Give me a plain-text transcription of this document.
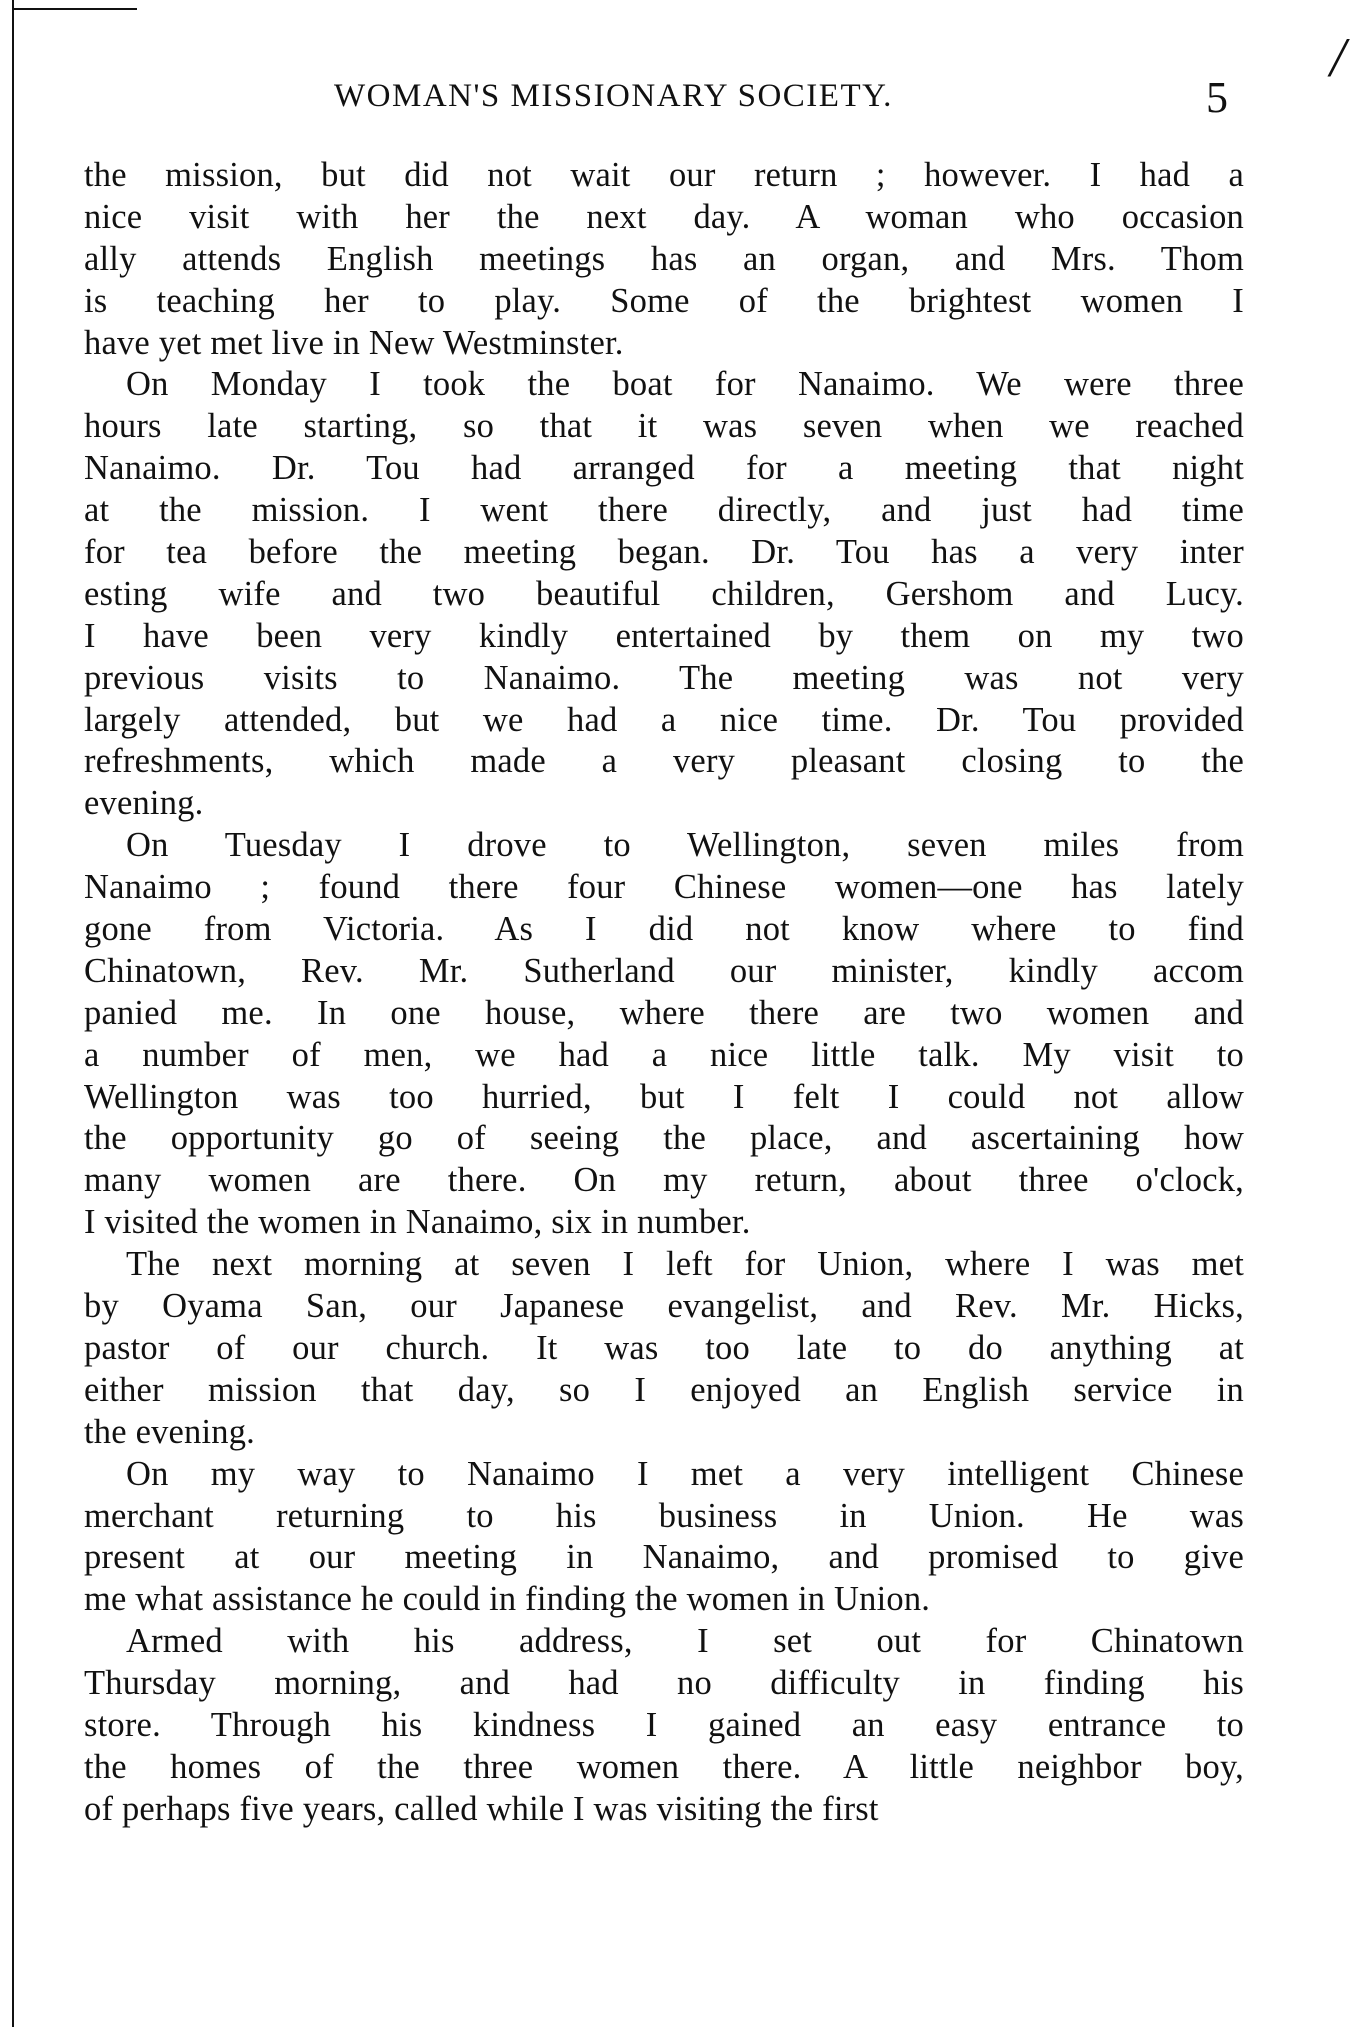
/
WOMAN'S MISSIONARY SOCIETY.	5
the mission, but did not wait our return ; however. I had a
nice visit with her the next day. A woman who occasion
ally attends English meetings has an organ, and Mrs. Thom
is teaching her to play. Some of the brightest women I
have yet met live in New Westminster.
On Monday I took the boat for Nanaimo. We were three
hours late starting, so that it was seven when we reached
Nanaimo. Dr. Tou had arranged for a meeting that night
at the mission. I went there directly, and just had time
for tea before the meeting began. Dr. Tou has a very inter
esting wife and two beautiful children, Gershom and Lucy.
I have been very kindly entertained by them on my two
previous visits to Nanaimo. The meeting was not very
largely attended, but we had a nice time. Dr. Tou provided
refreshments, which made a very pleasant closing to the
evening.
On Tuesday I drove to Wellington, seven miles from
Nanaimo ; found there four Chinese women—one has lately
gone from Victoria. As I did not know where to find
Chinatown, Rev. Mr. Sutherland our minister, kindly accom
panied me. In one house, where there are two women and
a number of men, we had a nice little talk. My visit to
Wellington was too hurried, but I felt I could not allow
the opportunity go of seeing the place, and ascertaining how
many women are there. On my return, about three o'clock,
I visited the women in Nanaimo, six in number.
The next morning at seven I left for Union, where I was met
by Oyama San, our Japanese evangelist, and Rev. Mr. Hicks,
pastor of our church. It was too late to do anything at
either mission that day, so I enjoyed an English service in
the evening.
On my way to Nanaimo I met a very intelligent Chinese
merchant returning to his business in Union. He was
present at our meeting in Nanaimo, and promised to give
me what assistance he could in finding the women in Union.
Armed with his address, I set out for Chinatown
Thursday morning, and had no difficulty in finding his
store. Through his kindness I gained an easy entrance to
the homes of the three women there. A little neighbor boy,
of perhaps five years, called while I was visiting the first
